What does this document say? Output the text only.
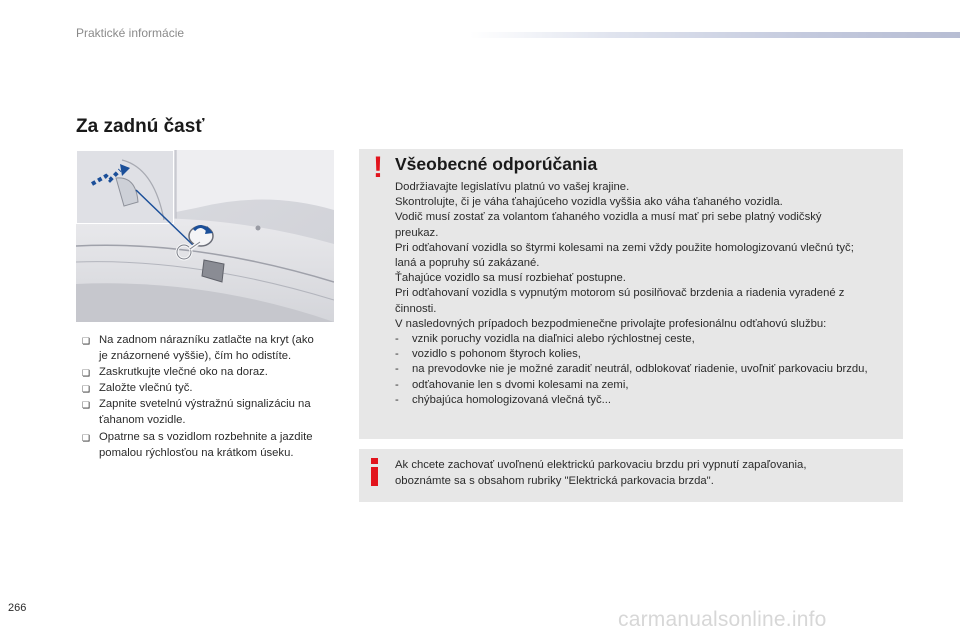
Praktické informácie
Za zadnú časť
❏ Na zadnom nárazníku zatlačte na kryt (ako
je znázornené vyššie), čím ho odistíte.
❏ Zaskrutkujte vlečné oko na doraz.
❏ Založte vlečnú tyč.
❏ Zapnite svetelnú výstražnú signalizáciu na
ťahanom vozidle.
❏ Opatrne sa s vozidlom rozbehnite a jazdite
pomalou rýchlosťou na krátkom úseku.
! Všeobecné odporúčania

Dodržiavajte legislatívu platnú vo vašej krajine.

Skontrolujte, či je váha ťahajúceho vozidla vyššia ako váha ťahaného vozidla.

Vodič musí zostať za volantom ťahaného vozidla a musí mať pri sebe platný vodičský

preukaz.

Pri odťahovaní vozidla so štyrmi kolesami na zemi vždy použite homologizovanú vlečnú tyč;

laná a popruhy sú zakázané.

Ťahajúce vozidlo sa musí rozbiehať postupne.

Pri odťahovaní vozidla s vypnutým motorom sú posilňovač brzdenia a riadenia vyradené z

činnosti.

V nasledovných prípadoch bezpodmienečne privolajte profesionálnu odťahovú službu:

-	vznik poruchy vozidla na diaľnici alebo rýchlostnej ceste,
-	vozidlo s pohonom štyroch kolies,
-	na prevodovke nie je možné zaradiť neutrál, odblokovať riadenie, uvoľniť parkovaciu brzdu,
-	odťahovanie len s dvomi kolesami na zemi,
-	chýbajúca homologizovaná vlečná tyč...
Ak chcete zachovať uvoľnenú elektrickú parkovaciu brzdu pri vypnutí zapaľovania,
oboznámte sa s obsahom rubriky "Elektrická parkovacia brzda".
266	carmanualsonline.info
